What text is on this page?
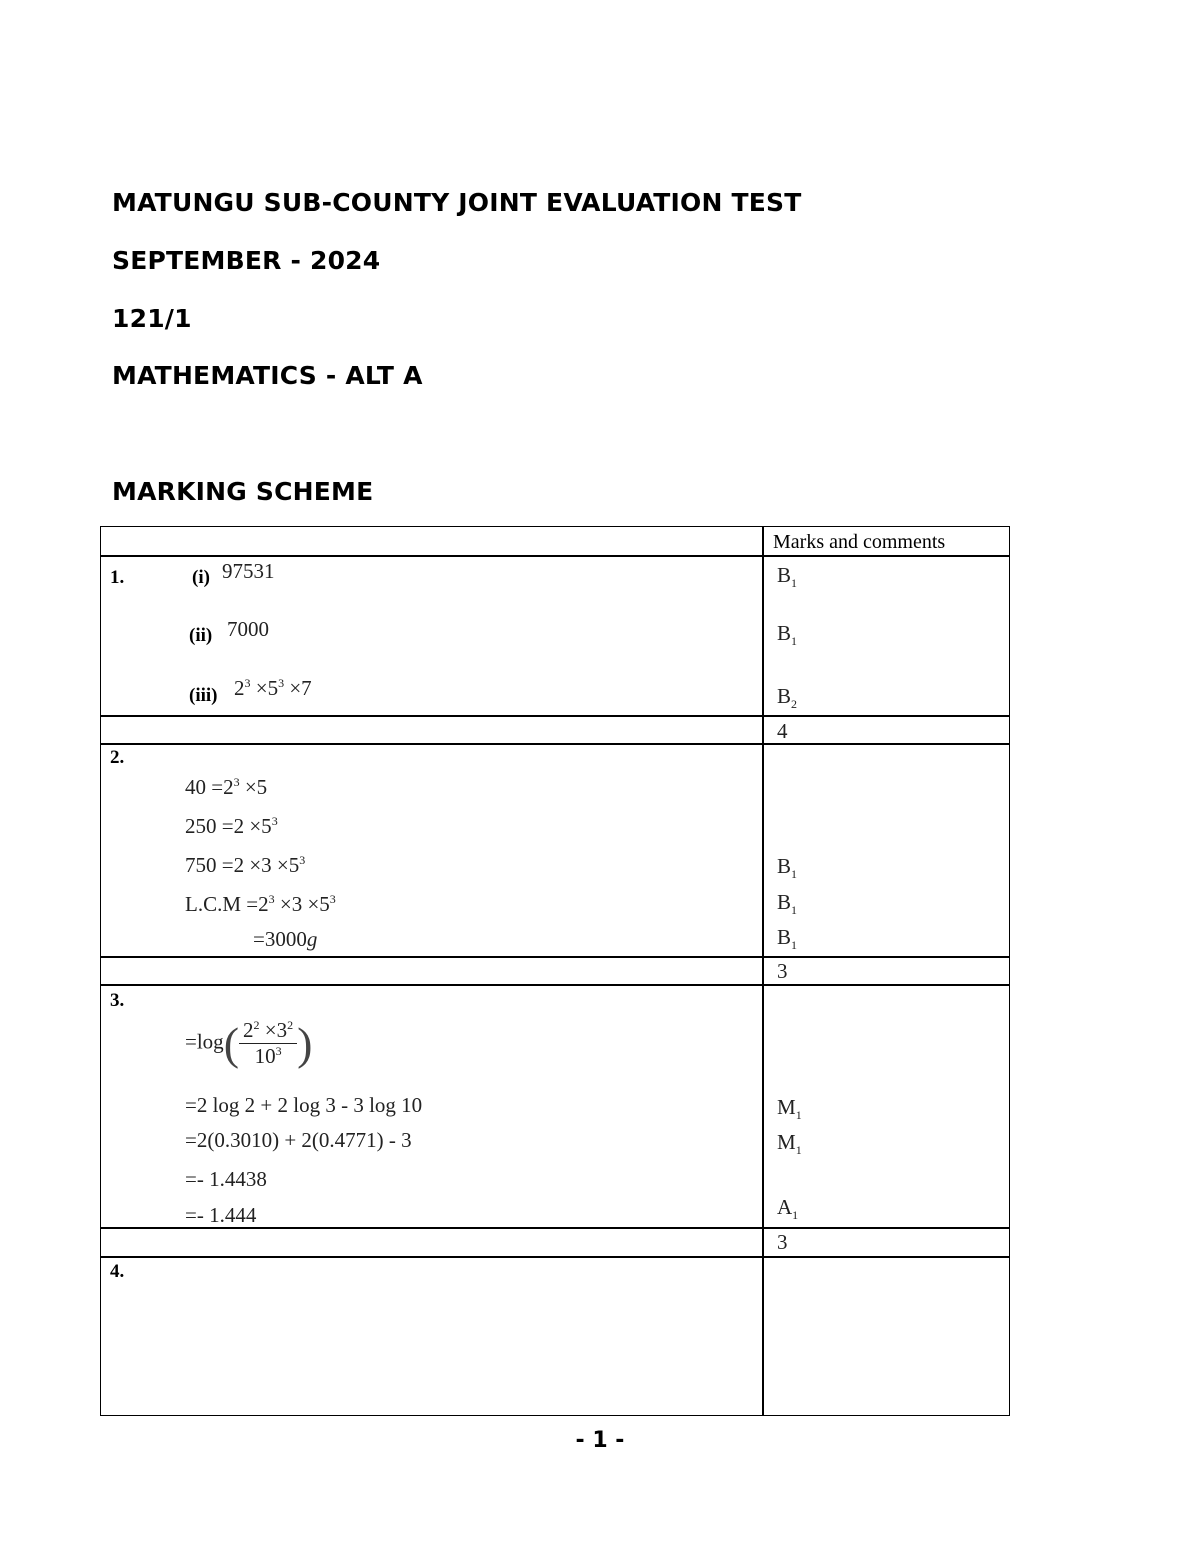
MATUNGU SUB-COUNTY JOINT EVALUATION TEST
SEPTEMBER - 2024
121/1
MATHEMATICS - ALT A
MARKING SCHEME
Marks and comments
1.	(i) 97531
(ii) 7000
(iii) $2^3 \times 5^3 \times 7$
$B_1$
$B_1$
$B_2$
4
2.
$40 =2^3 \times 5$
$250 =2 \times 5^3$
$750 =2 \times 3 \times 5^3$
$L.C.M =2^3 \times 3 \times 5^3$
=3000g
$B_1$
$B_1$
$B_1$
3
3.
$=\log( \frac{2^2 \times 3^2}{10^3}$ )
=2 log 2 + 2 log 3 - 3 log 10
=2(0.3010) + 2(0.4771) - 3
=- 1.4438
=- 1.444
$M_1$
$M_1$
$A_1$
3
4.
- 1 -
